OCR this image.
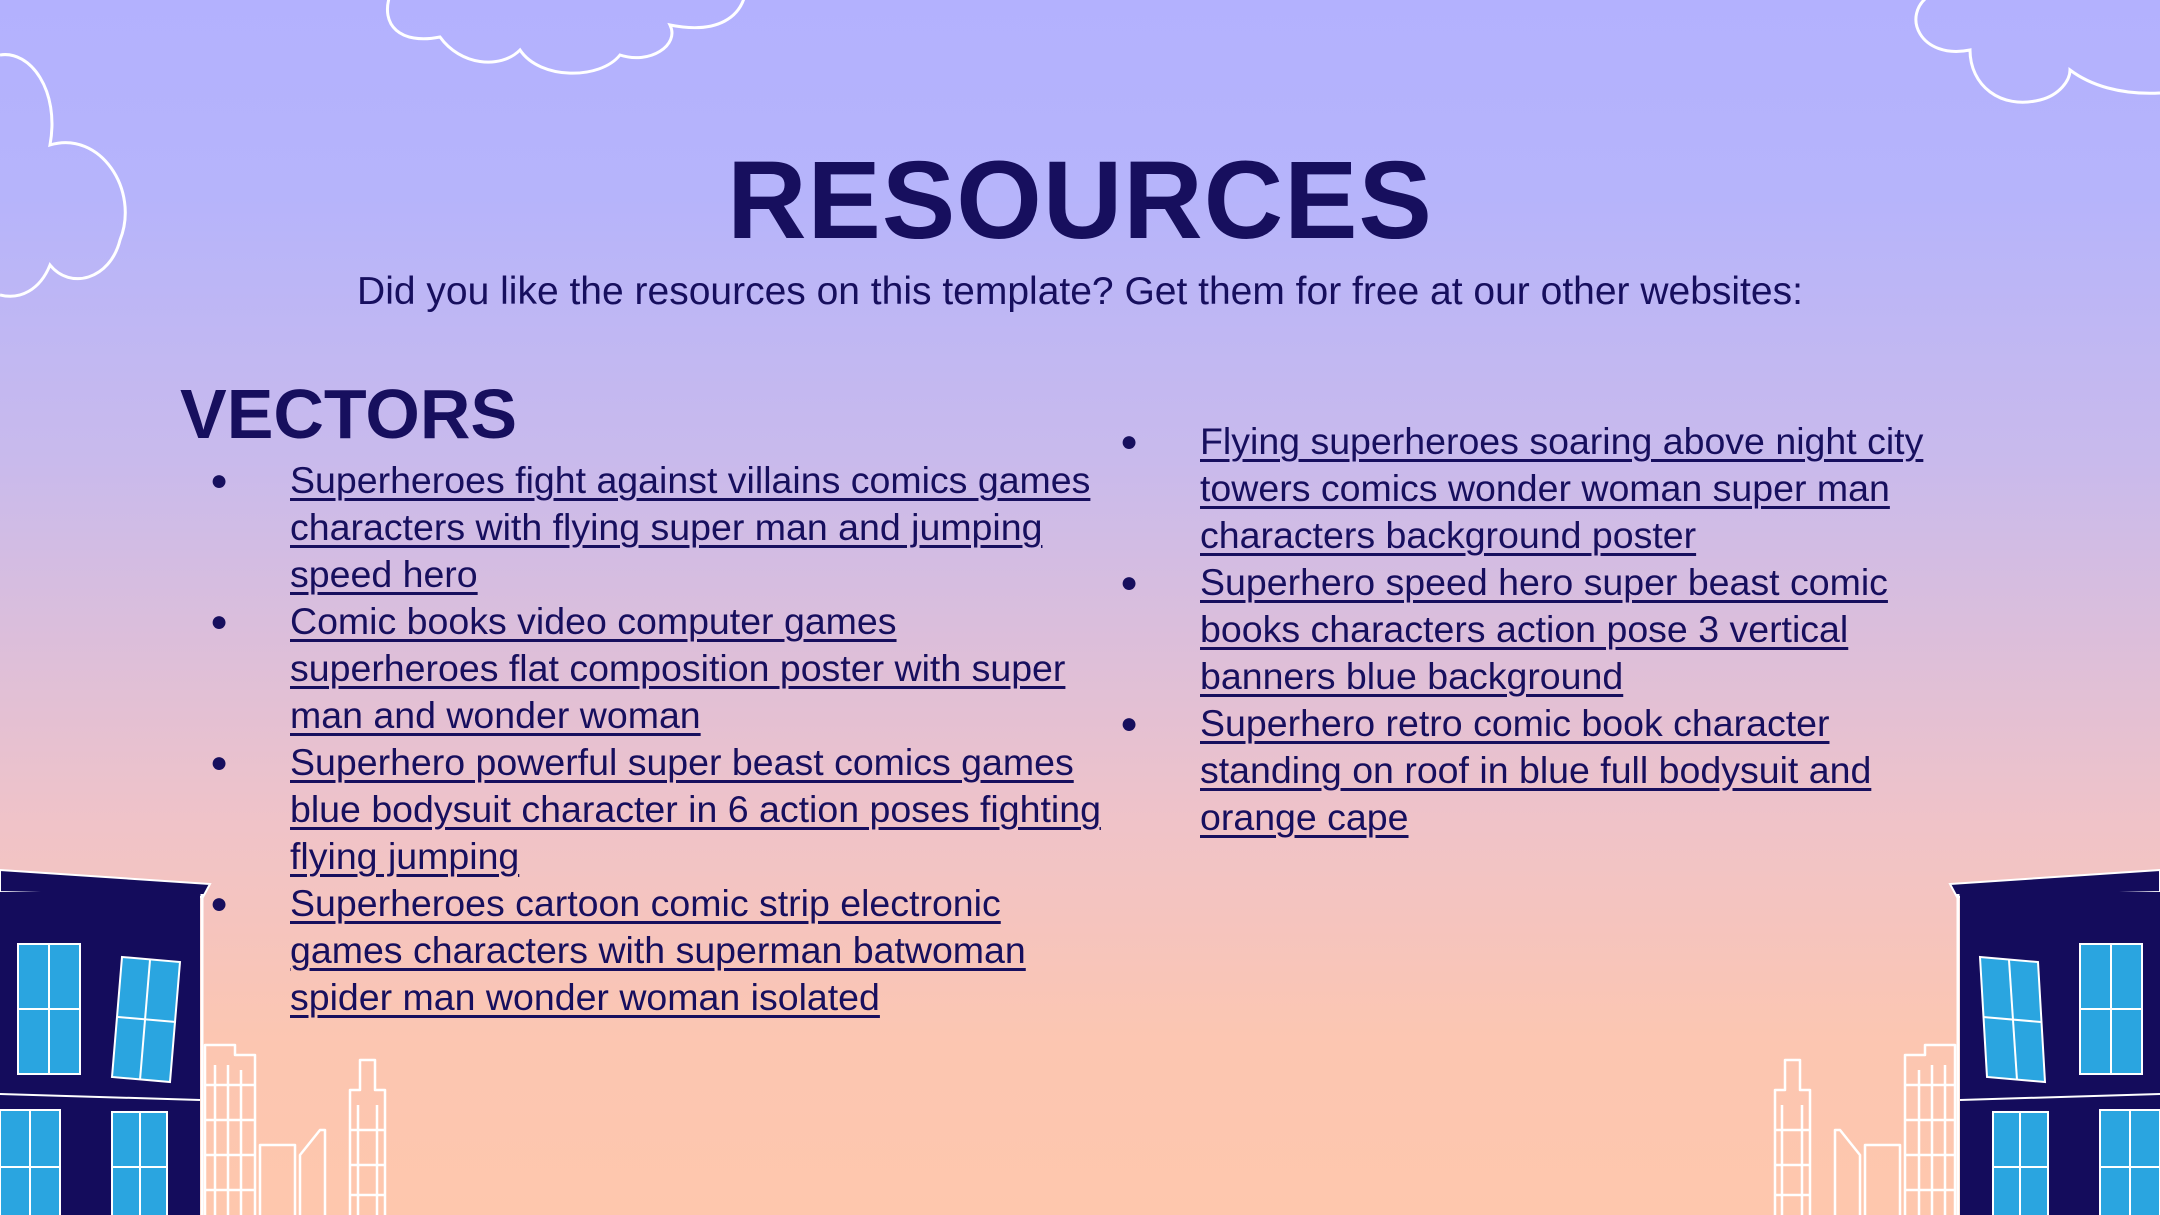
RESOURCES

Did you like the resources on this template? Get them for free at our other websites:

VECTORS
●	Superheroes fight against villains comics games characters with flying super man and jumping speed hero
●	Comic books video computer games superheroes flat composition poster with super man and wonder woman
●	Superhero powerful super beast comics games blue bodysuit character in 6 action poses fighting flying jumping
●	Superheroes cartoon comic strip electronic games characters with superman batwoman spider man wonder woman isolated
●	Flying superheroes soaring above night city towers comics wonder woman super man characters background poster
●	Superhero speed hero super beast comic books characters action pose 3 vertical banners blue background
●	Superhero retro comic book character standing on roof in blue full bodysuit and orange cape
